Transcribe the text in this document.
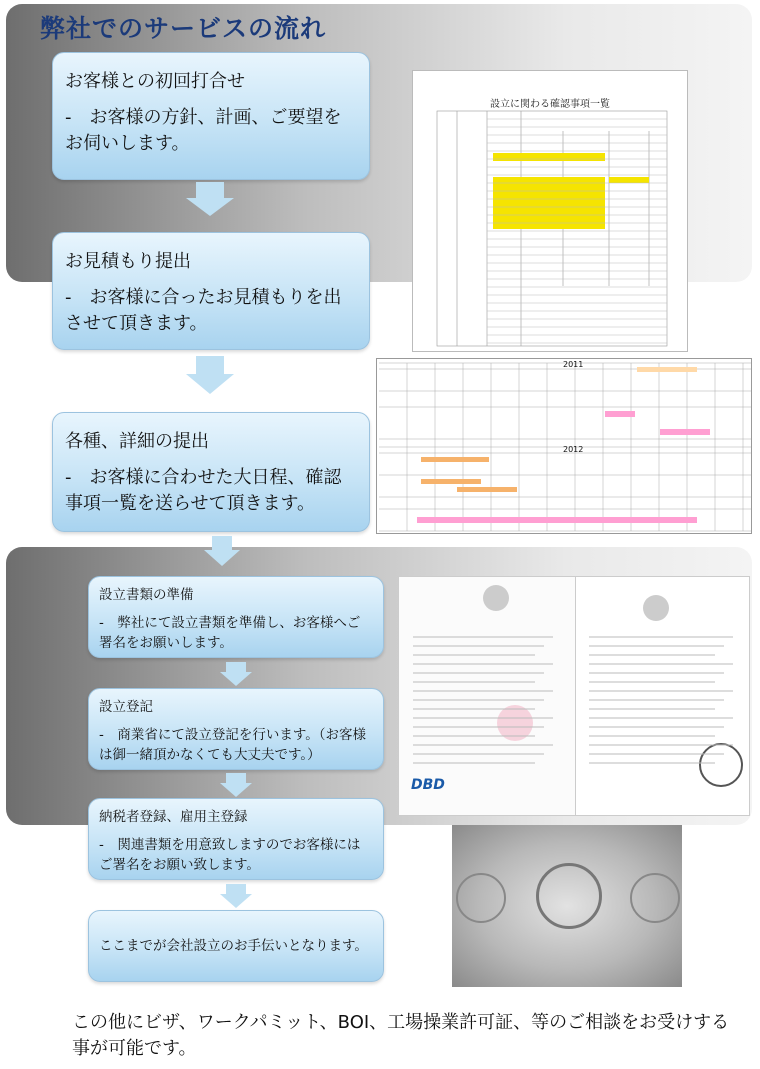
弊社でのサービスの流れ
お客様との初回打合せ
-　お客様の方針、計画、ご要望をお伺いします。
お見積もり提出
-　お客様に合ったお見積もりを出させて頂きます。
各種、詳細の提出
-　お客様に合わせた大日程、確認事項一覧を送らせて頂きます。
設立書類の準備
-　弊社にて設立書類を準備し、お客様へご署名をお願いします。
設立登記
-　商業省にて設立登記を行います。（お客様は御一緒頂かなくても大丈夫です。）
納税者登録、雇用主登録
-　関連書類を用意致しますのでお客様にはご署名をお願い致します。
ここまでが会社設立のお手伝いとなります。
設立に関わる確認事項一覧
2011
2012
DBD
この他にビザ、ワークパミット、BOI、工場操業許可証、等のご相談をお受けする事が可能です。
